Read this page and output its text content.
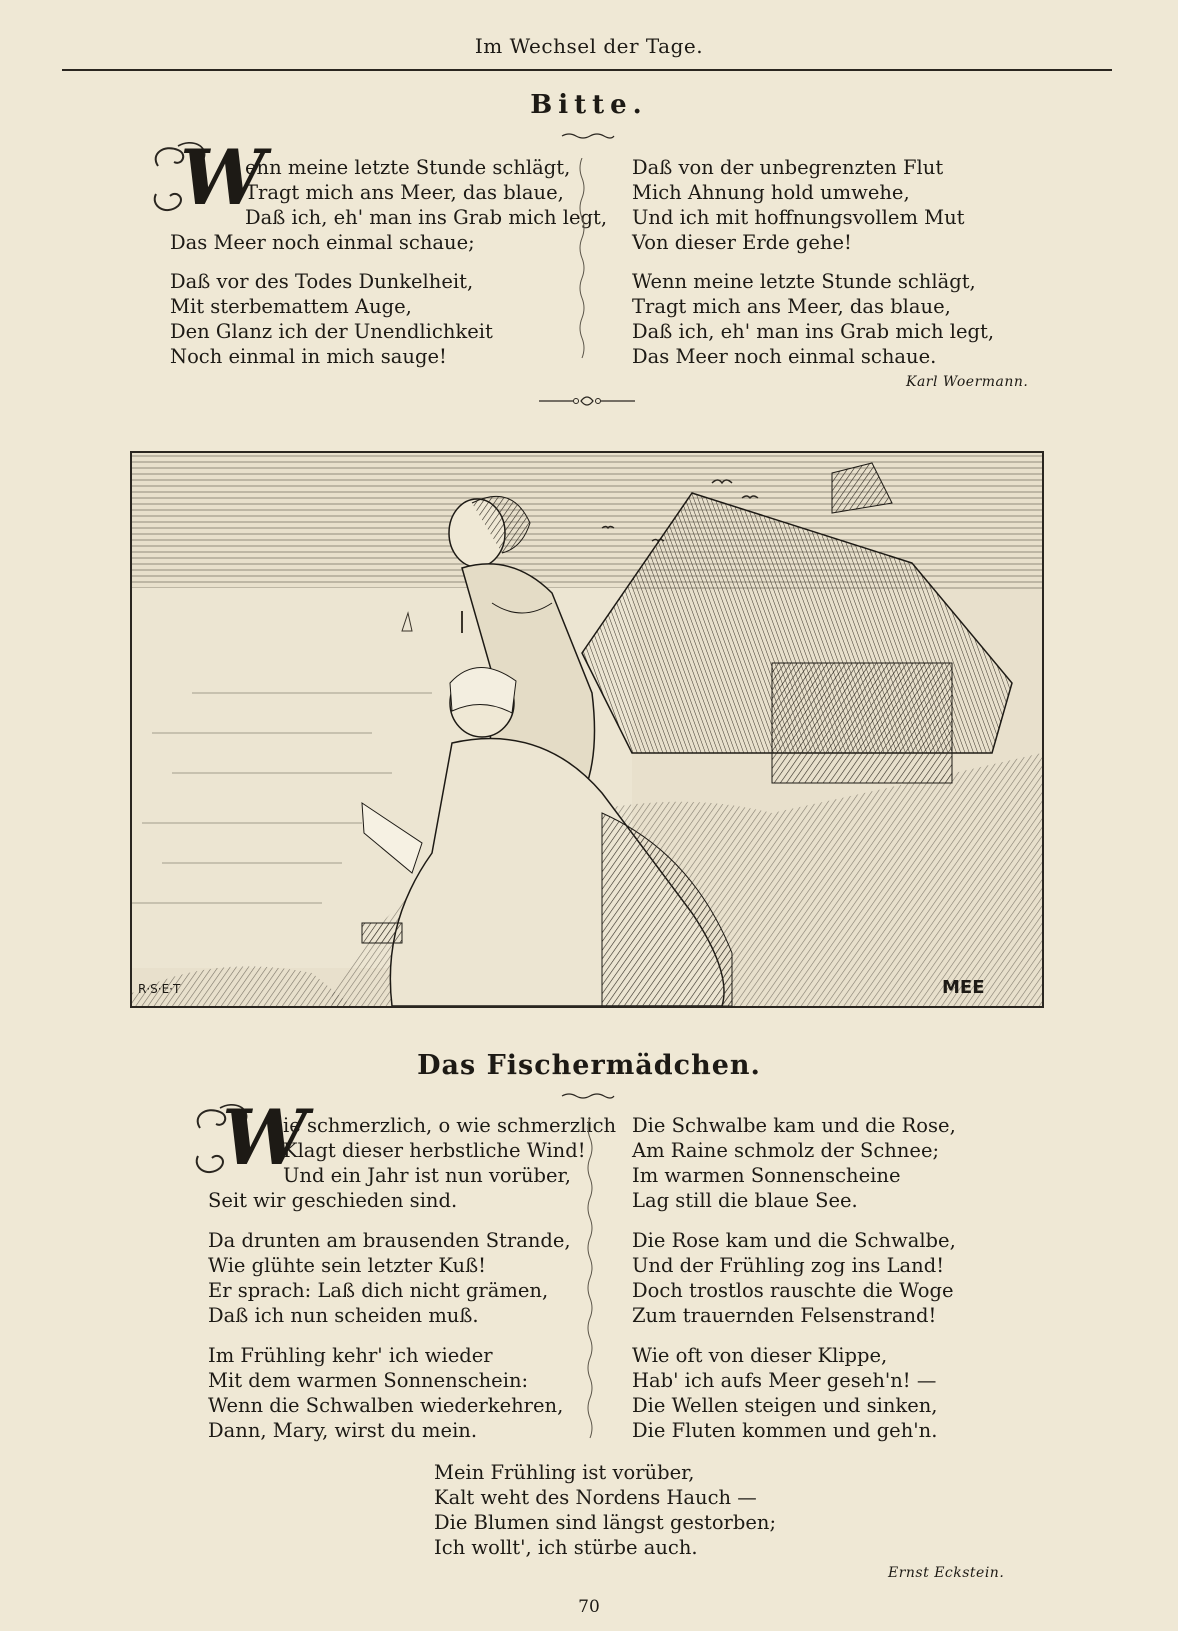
Im Wechsel der Tage.
Bitte.
W
enn meine letzte Stunde schlägt,
Tragt mich ans Meer, das blaue,
Daß ich, eh' man ins Grab mich legt,
Das Meer noch einmal schaue;
Daß vor des Todes Dunkelheit,
Mit sterbemattem Auge,
Den Glanz ich der Unendlichkeit
Noch einmal in mich sauge!
Daß von der unbegrenzten Flut
Mich Ahnung hold umwehe,
Und ich mit hoffnungsvollem Mut
Von dieser Erde gehe!
Wenn meine letzte Stunde schlägt,
Tragt mich ans Meer, das blaue,
Daß ich, eh' man ins Grab mich legt,
Das Meer noch einmal schaue.
Karl Woermann.
R·S·E·T	MEE
Das Fischermädchen.
W
ie schmerzlich, o wie schmerzlich
Klagt dieser herbstliche Wind!
Und ein Jahr ist nun vorüber,
Seit wir geschieden sind.
Da drunten am brausenden Strande,
Wie glühte sein letzter Kuß!
Er sprach: Laß dich nicht grämen,
Daß ich nun scheiden muß.
Im Frühling kehr' ich wieder
Mit dem warmen Sonnenschein:
Wenn die Schwalben wiederkehren,
Dann, Mary, wirst du mein.
Die Schwalbe kam und die Rose,
Am Raine schmolz der Schnee;
Im warmen Sonnenscheine
Lag still die blaue See.
Die Rose kam und die Schwalbe,
Und der Frühling zog ins Land!
Doch trostlos rauschte die Woge
Zum trauernden Felsenstrand!
Wie oft von dieser Klippe,
Hab' ich aufs Meer geseh'n! —
Die Wellen steigen und sinken,
Die Fluten kommen und geh'n.
Mein Frühling ist vorüber,
Kalt weht des Nordens Hauch —
Die Blumen sind längst gestorben;
Ich wollt', ich stürbe auch.
Ernst Eckstein.
70
